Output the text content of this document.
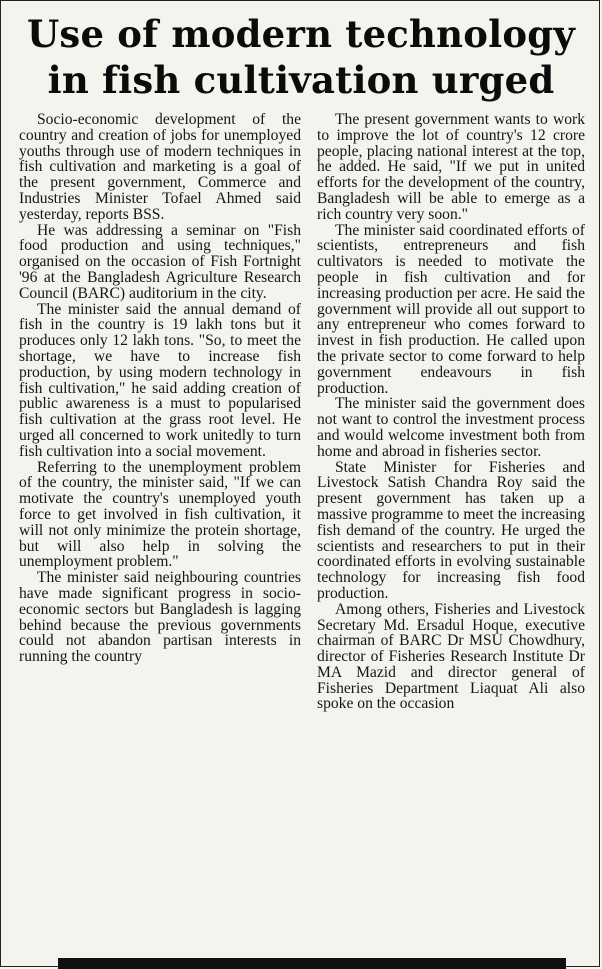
Use of modern technology
in fish cultivation urged

Socio-economic development of the country and creation of jobs for unemployed youths through use of modern techniques in fish cultivation and marketing is a goal of the present government, Commerce and Industries Minister Tofael Ahmed said yesterday, reports BSS.

He was addressing a seminar on "Fish food production and using techniques," organised on the occasion of Fish Fortnight '96 at the Bangladesh Agriculture Research Council (BARC) auditorium in the city.

The minister said the annual demand of fish in the country is 19 lakh tons but it produces only 12 lakh tons. "So, to meet the shortage, we have to increase fish production, by using modern technology in fish cultivation," he said adding creation of public awareness is a must to popularised fish cultivation at the grass root level. He urged all concerned to work unitedly to turn fish cultivation into a social movement.

Referring to the unemployment problem of the country, the minister said, "If we can motivate the country's unemployed youth force to get involved in fish cultivation, it will not only minimize the protein shortage, but will also help in solving the unemployment problem."

The minister said neighbouring countries have made significant progress in socio-economic sectors but Bangladesh is lagging behind because the previous governments could not abandon partisan interests in running the country

The present government wants to work to improve the lot of country's 12 crore people, placing national interest at the top, he added. He said, "If we put in united efforts for the development of the country, Bangladesh will be able to emerge as a rich country very soon."

The minister said coordinated efforts of scientists, entrepreneurs and fish cultivators is needed to motivate the people in fish cultivation and for increasing production per acre. He said the government will provide all out support to any entrepreneur who comes forward to invest in fish production. He called upon the private sector to come forward to help government endeavours in fish production.

The minister said the government does not want to control the investment process and would welcome investment both from home and abroad in fisheries sector.

State Minister for Fisheries and Livestock Satish Chandra Roy said the present government has taken up a massive programme to meet the increasing fish demand of the country. He urged the scientists and researchers to put in their coordinated efforts in evolving sustainable technology for increasing fish food production.

Among others, Fisheries and Livestock Secretary Md. Ersadul Hoque, executive chairman of BARC Dr MSU Chowdhury, director of Fisheries Research Institute Dr MA Mazid and director general of Fisheries Department Liaquat Ali also spoke on the occasion
